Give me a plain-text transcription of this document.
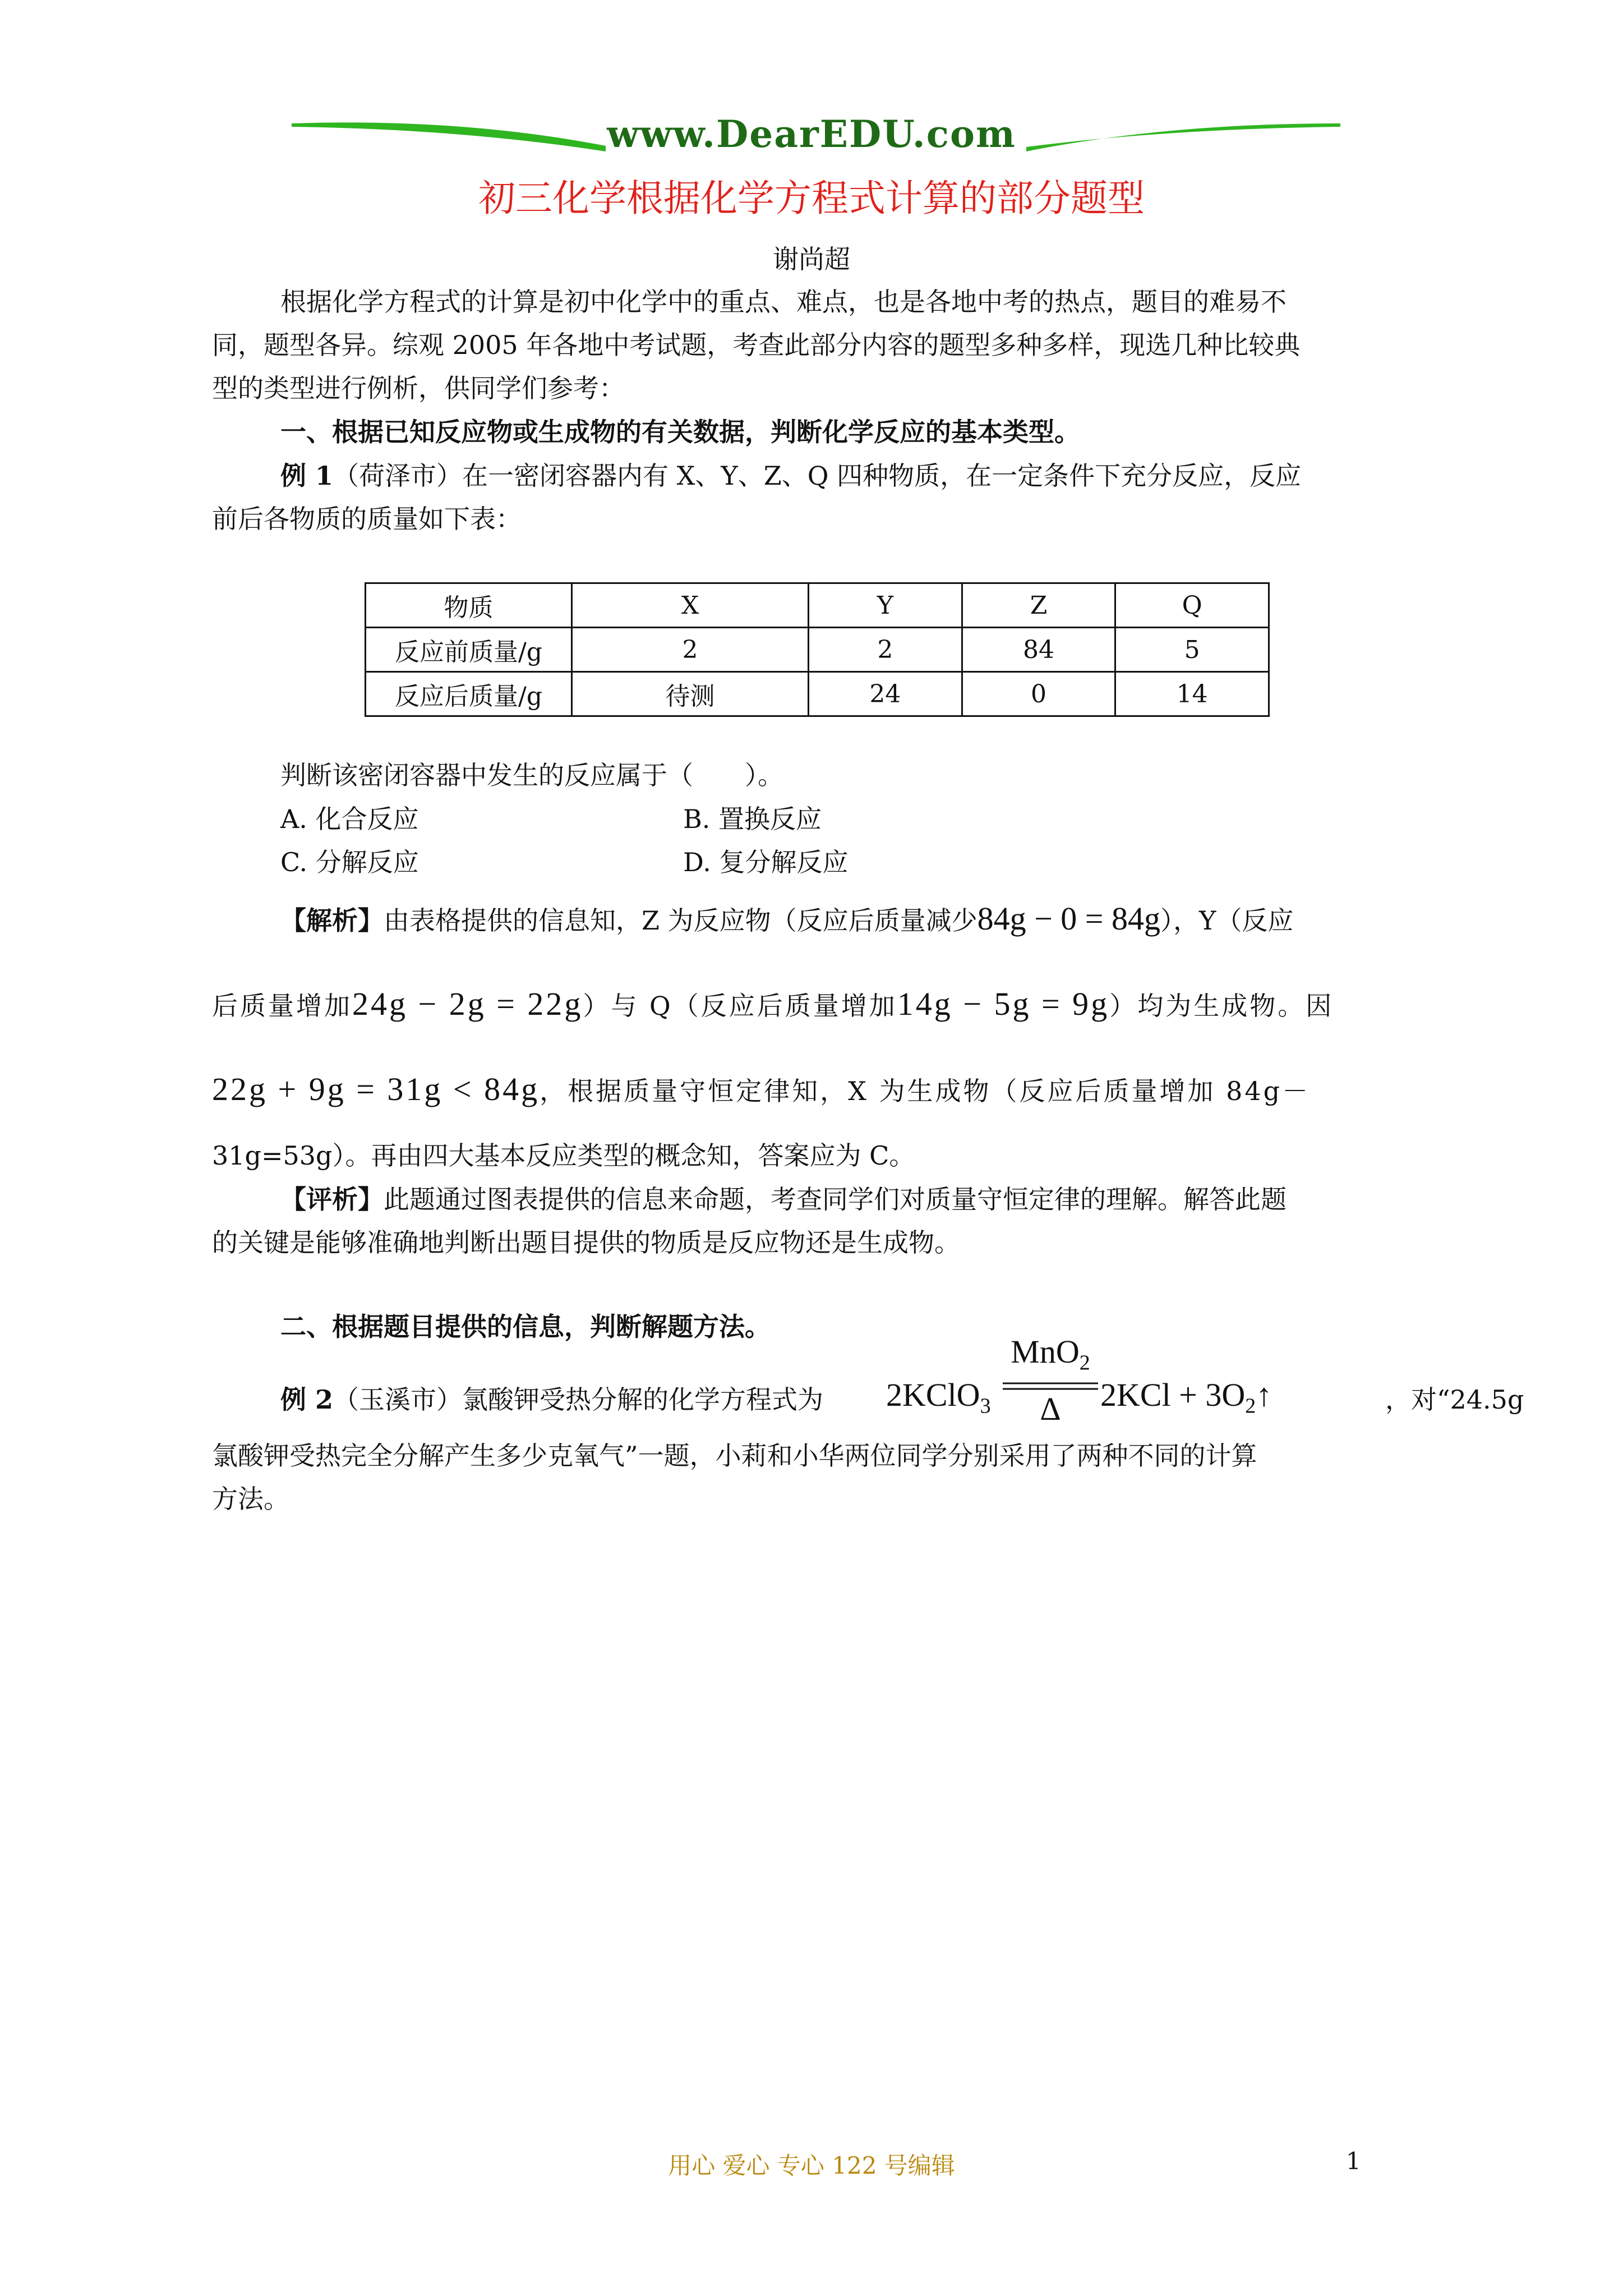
www.DearEDU.com
初三化学根据化学方程式计算的部分题型
谢尚超
根据化学方程式的计算是初中化学中的重点、难点，也是各地中考的热点，题目的难易不
同，题型各异。综观 2005 年各地中考试题，考查此部分内容的题型多种多样，现选几种比较典
型的类型进行例析，供同学们参考：
一、根据已知反应物或生成物的有关数据，判断化学反应的基本类型。
例 1（荷泽市）在一密闭容器内有 X、Y、Z、Q 四种物质，在一定条件下充分反应，反应
前后各物质的质量如下表：
物质	X	Y	Z	Q
反应前质量/g	2	2	84	5
反应后质量/g	待测	24	0	14
判断该密闭容器中发生的反应属于（　　）。
A. 化合反应	B. 置换反应
C. 分解反应	D. 复分解反应
【解析】由表格提供的信息知，Z 为反应物（反应后质量减少84g − 0 = 84g），Y（反应
后质量增加24g − 2g = 22g）与 Q（反应后质量增加14g − 5g = 9g）均为生成物。因
22g + 9g = 31g < 84g，根据质量守恒定律知，X 为生成物（反应后质量增加 84g－
31g=53g）。再由四大基本反应类型的概念知，答案应为 C。
【评析】此题通过图表提供的信息来命题，考查同学们对质量守恒定律的理解。解答此题
的关键是能够准确地判断出题目提供的物质是反应物还是生成物。
二、根据题目提供的信息，判断解题方法。
例 2（玉溪市）氯酸钾受热分解的化学方程式为 2KClO$_3$
MnO$_2$
Δ	$2KCl + 3O_2↑$	，对“24.5g
氯酸钾受热完全分解产生多少克氧气”一题，小莉和小华两位同学分别采用了两种不同的计算
方法。
用心 爱心 专心 122 号编辑	1
